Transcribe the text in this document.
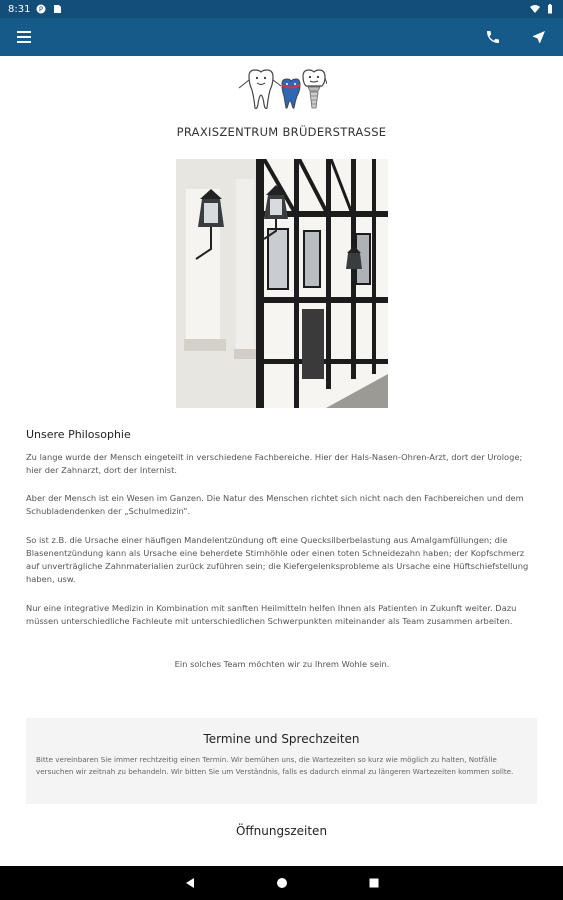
8:31 P
PRAXISZENTRUM BRÜDERSTRASSE
Unsere Philosophie

Zu lange wurde der Mensch eingeteilt in verschiedene Fachbereiche. Hier der Hals-Nasen-Ohren-Arzt, dort der Urologe; hier der Zahnarzt, dort der Internist.

Aber der Mensch ist ein Wesen im Ganzen. Die Natur des Menschen richtet sich nicht nach den Fachbereichen und dem Schubladendenken der „Schulmedizin“.

So ist z.B. die Ursache einer häufigen Mandelentzündung oft eine Quecksilberbelastung aus Amalgamfüllungen; die Blasenentzündung kann als Ursache eine beherdete Stirnhöhle oder einen toten Schneidezahn haben; der Kopfschmerz auf unverträgliche Zahnmaterialien zurück zuführen sein; die Kiefergelenksprobleme als Ursache eine Hüftschiefstellung haben, usw.

Nur eine integrative Medizin in Kombination mit sanften Heilmitteln helfen Ihnen als Patienten in Zukunft weiter. Dazu müssen unterschiedliche Fachleute mit unterschiedlichen Schwerpunkten miteinander als Team zusammen arbeiten.

Ein solches Team möchten wir zu Ihrem Wohle sein.

Termine und Sprechzeiten

Bitte vereinbaren Sie immer rechtzeitig einen Termin. Wir bemühen uns, die Wartezeiten so kurz wie möglich zu halten, Notfälle versuchen wir zeitnah zu behandeln. Wir bitten Sie um Verständnis, falls es dadurch einmal zu längeren Wartezeiten kommen sollte.

Öffnungszeiten
